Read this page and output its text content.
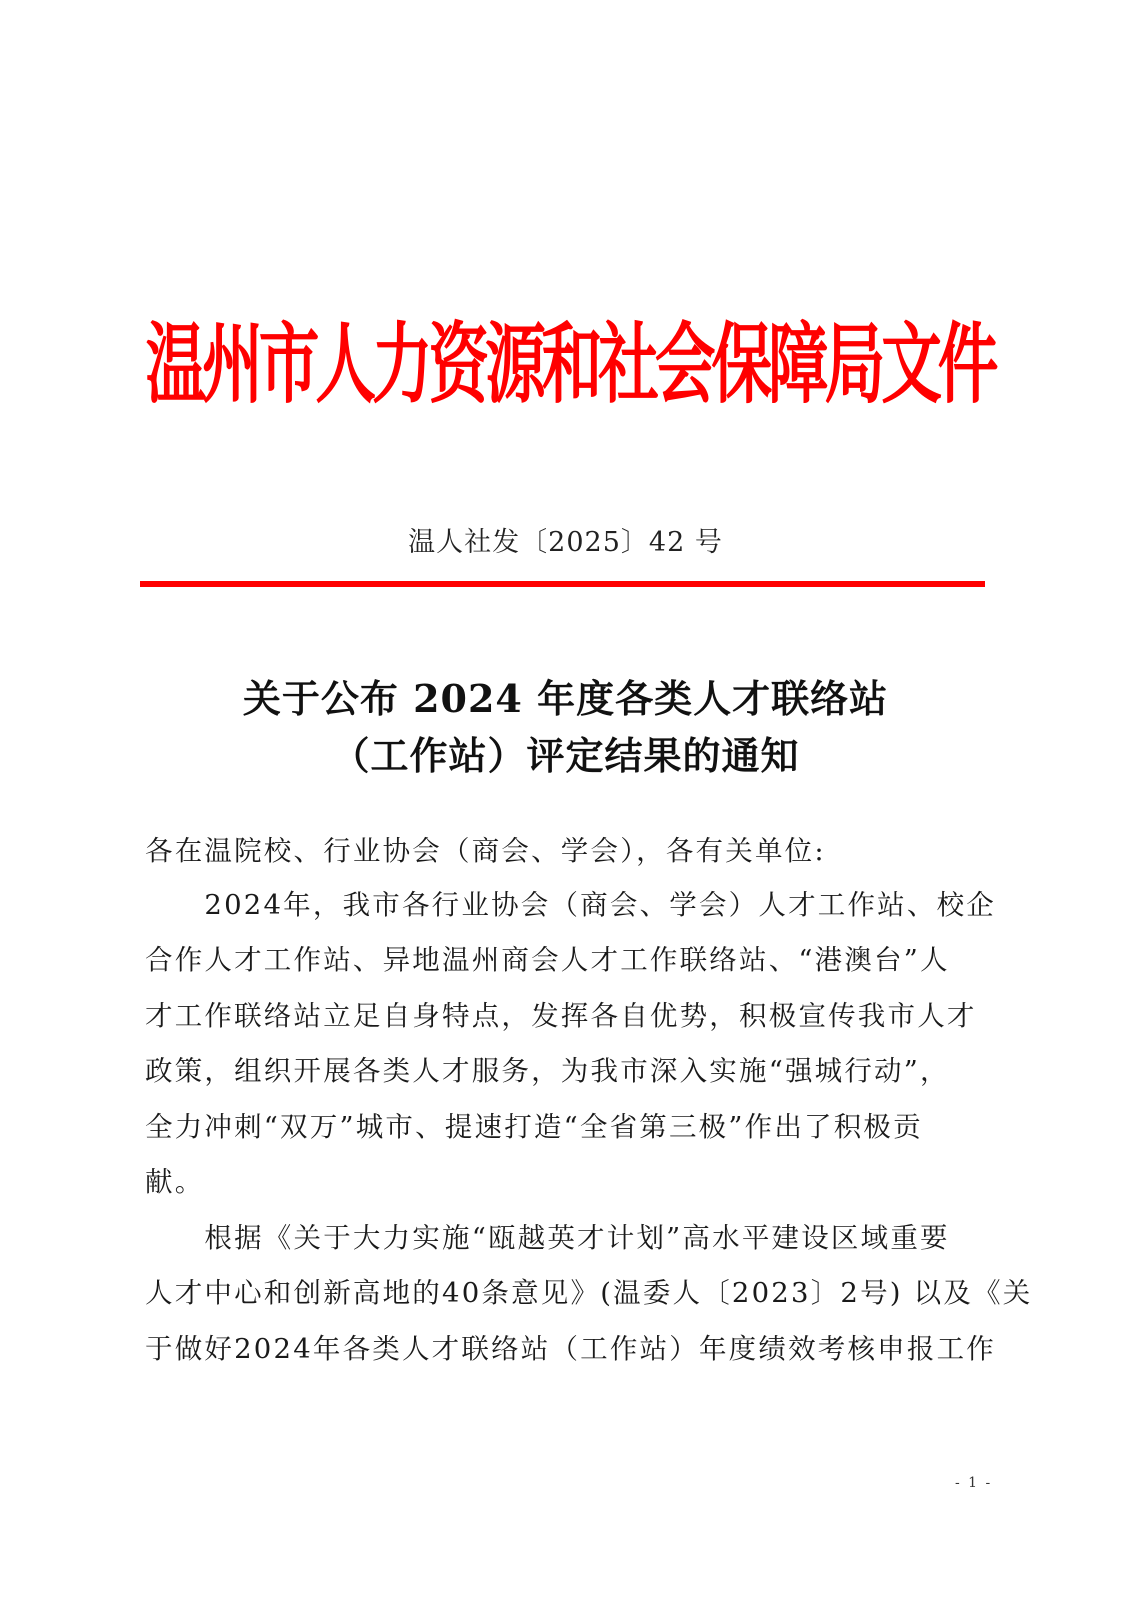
温州市人力资源和社会保障局文件
温人社发〔2025〕42 号
关于公布 2024 年度各类人才联络站
（工作站）评定结果的通知
各在温院校、行业协会（商会、学会），各有关单位:
　　2024年，我市各行业协会（商会、学会）人才工作站、校企
合作人才工作站、异地温州商会人才工作联络站、“港澳台”人
才工作联络站立足自身特点，发挥各自优势，积极宣传我市人才
政策，组织开展各类人才服务，为我市深入实施“强城行动”，
全力冲刺“双万”城市、提速打造“全省第三极”作出了积极贡
献。
　　根据《关于大力实施“瓯越英才计划”高水平建设区域重要
人才中心和创新高地的40条意见》(温委人〔2023〕2号) 以及《关
于做好2024年各类人才联络站（工作站）年度绩效考核申报工作
- 1 -
